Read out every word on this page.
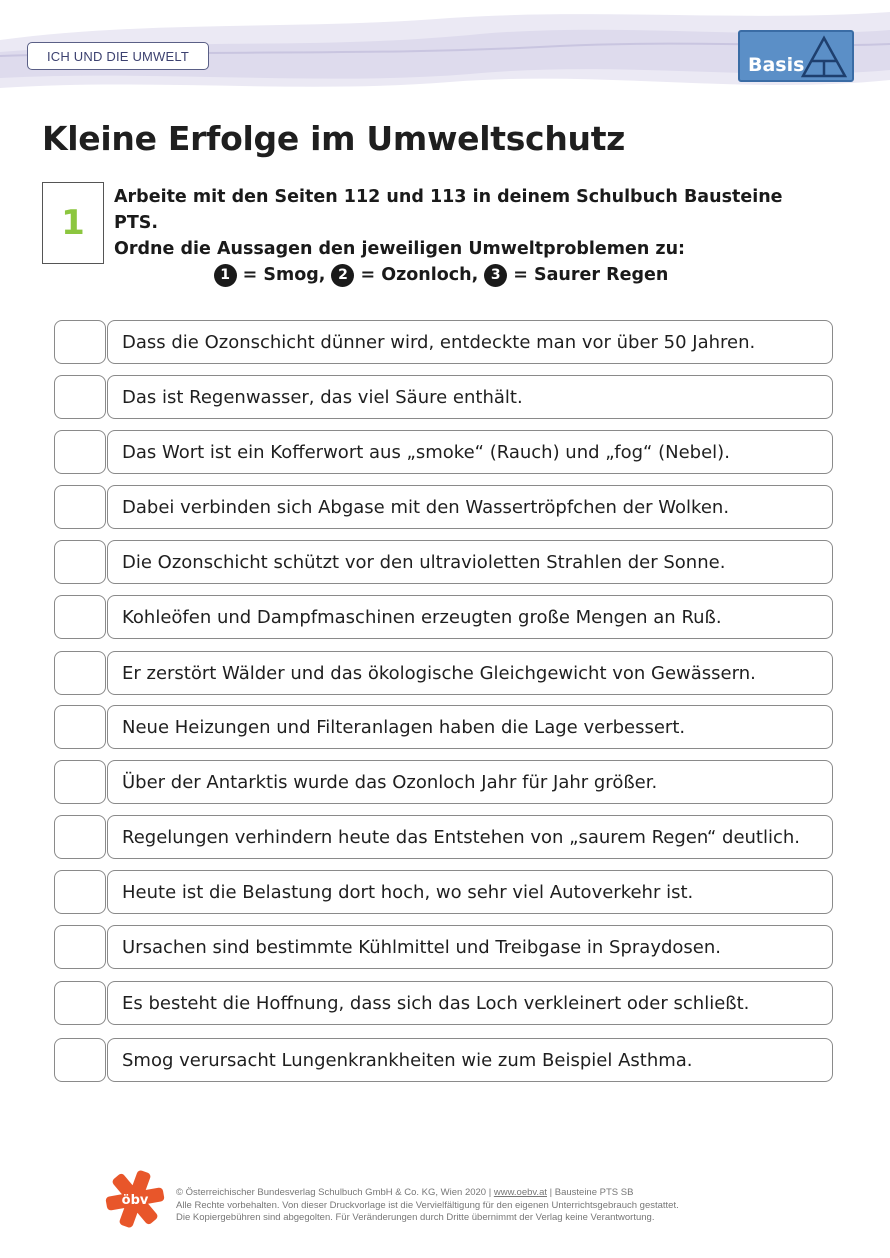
ICH UND DIE UMWELT	Basis
Kleine Erfolge im Umweltschutz
1
Arbeite mit den Seiten 112 und 113 in deinem Schulbuch Bausteine PTS.
Ordne die Aussagen den jeweiligen Umweltproblemen zu:
1 = Smog, 2 = Ozonloch, 3 = Saurer Regen
Dass die Ozonschicht dünner wird, entdeckte man vor über 50 Jahren.
Das ist Regenwasser, das viel Säure enthält.
Das Wort ist ein Kofferwort aus „smoke“ (Rauch) und „fog“ (Nebel).
Dabei verbinden sich Abgase mit den Wassertröpfchen der Wolken.
Die Ozonschicht schützt vor den ultravioletten Strahlen der Sonne.
Kohleöfen und Dampfmaschinen erzeugten große Mengen an Ruß.
Er zerstört Wälder und das ökologische Gleichgewicht von Gewässern.
Neue Heizungen und Filteranlagen haben die Lage verbessert.
Über der Antarktis wurde das Ozonloch Jahr für Jahr größer.
Regelungen verhindern heute das Entstehen von „saurem Regen“ deutlich.
Heute ist die Belastung dort hoch, wo sehr viel Autoverkehr ist.
Ursachen sind bestimmte Kühlmittel und Treibgase in Spraydosen.
Es besteht die Hoffnung, dass sich das Loch verkleinert oder schließt.
Smog verursacht Lungenkrankheiten wie zum Beispiel Asthma.
öbv
© Österreichischer Bundesverlag Schulbuch GmbH & Co. KG, Wien 2020 | www.oebv.at | Bausteine PTS SB
Alle Rechte vorbehalten. Von dieser Druckvorlage ist die Vervielfältigung für den eigenen Unterrichtsgebrauch gestattet.
Die Kopiergebühren sind abgegolten. Für Veränderungen durch Dritte übernimmt der Verlag keine Verantwortung.
